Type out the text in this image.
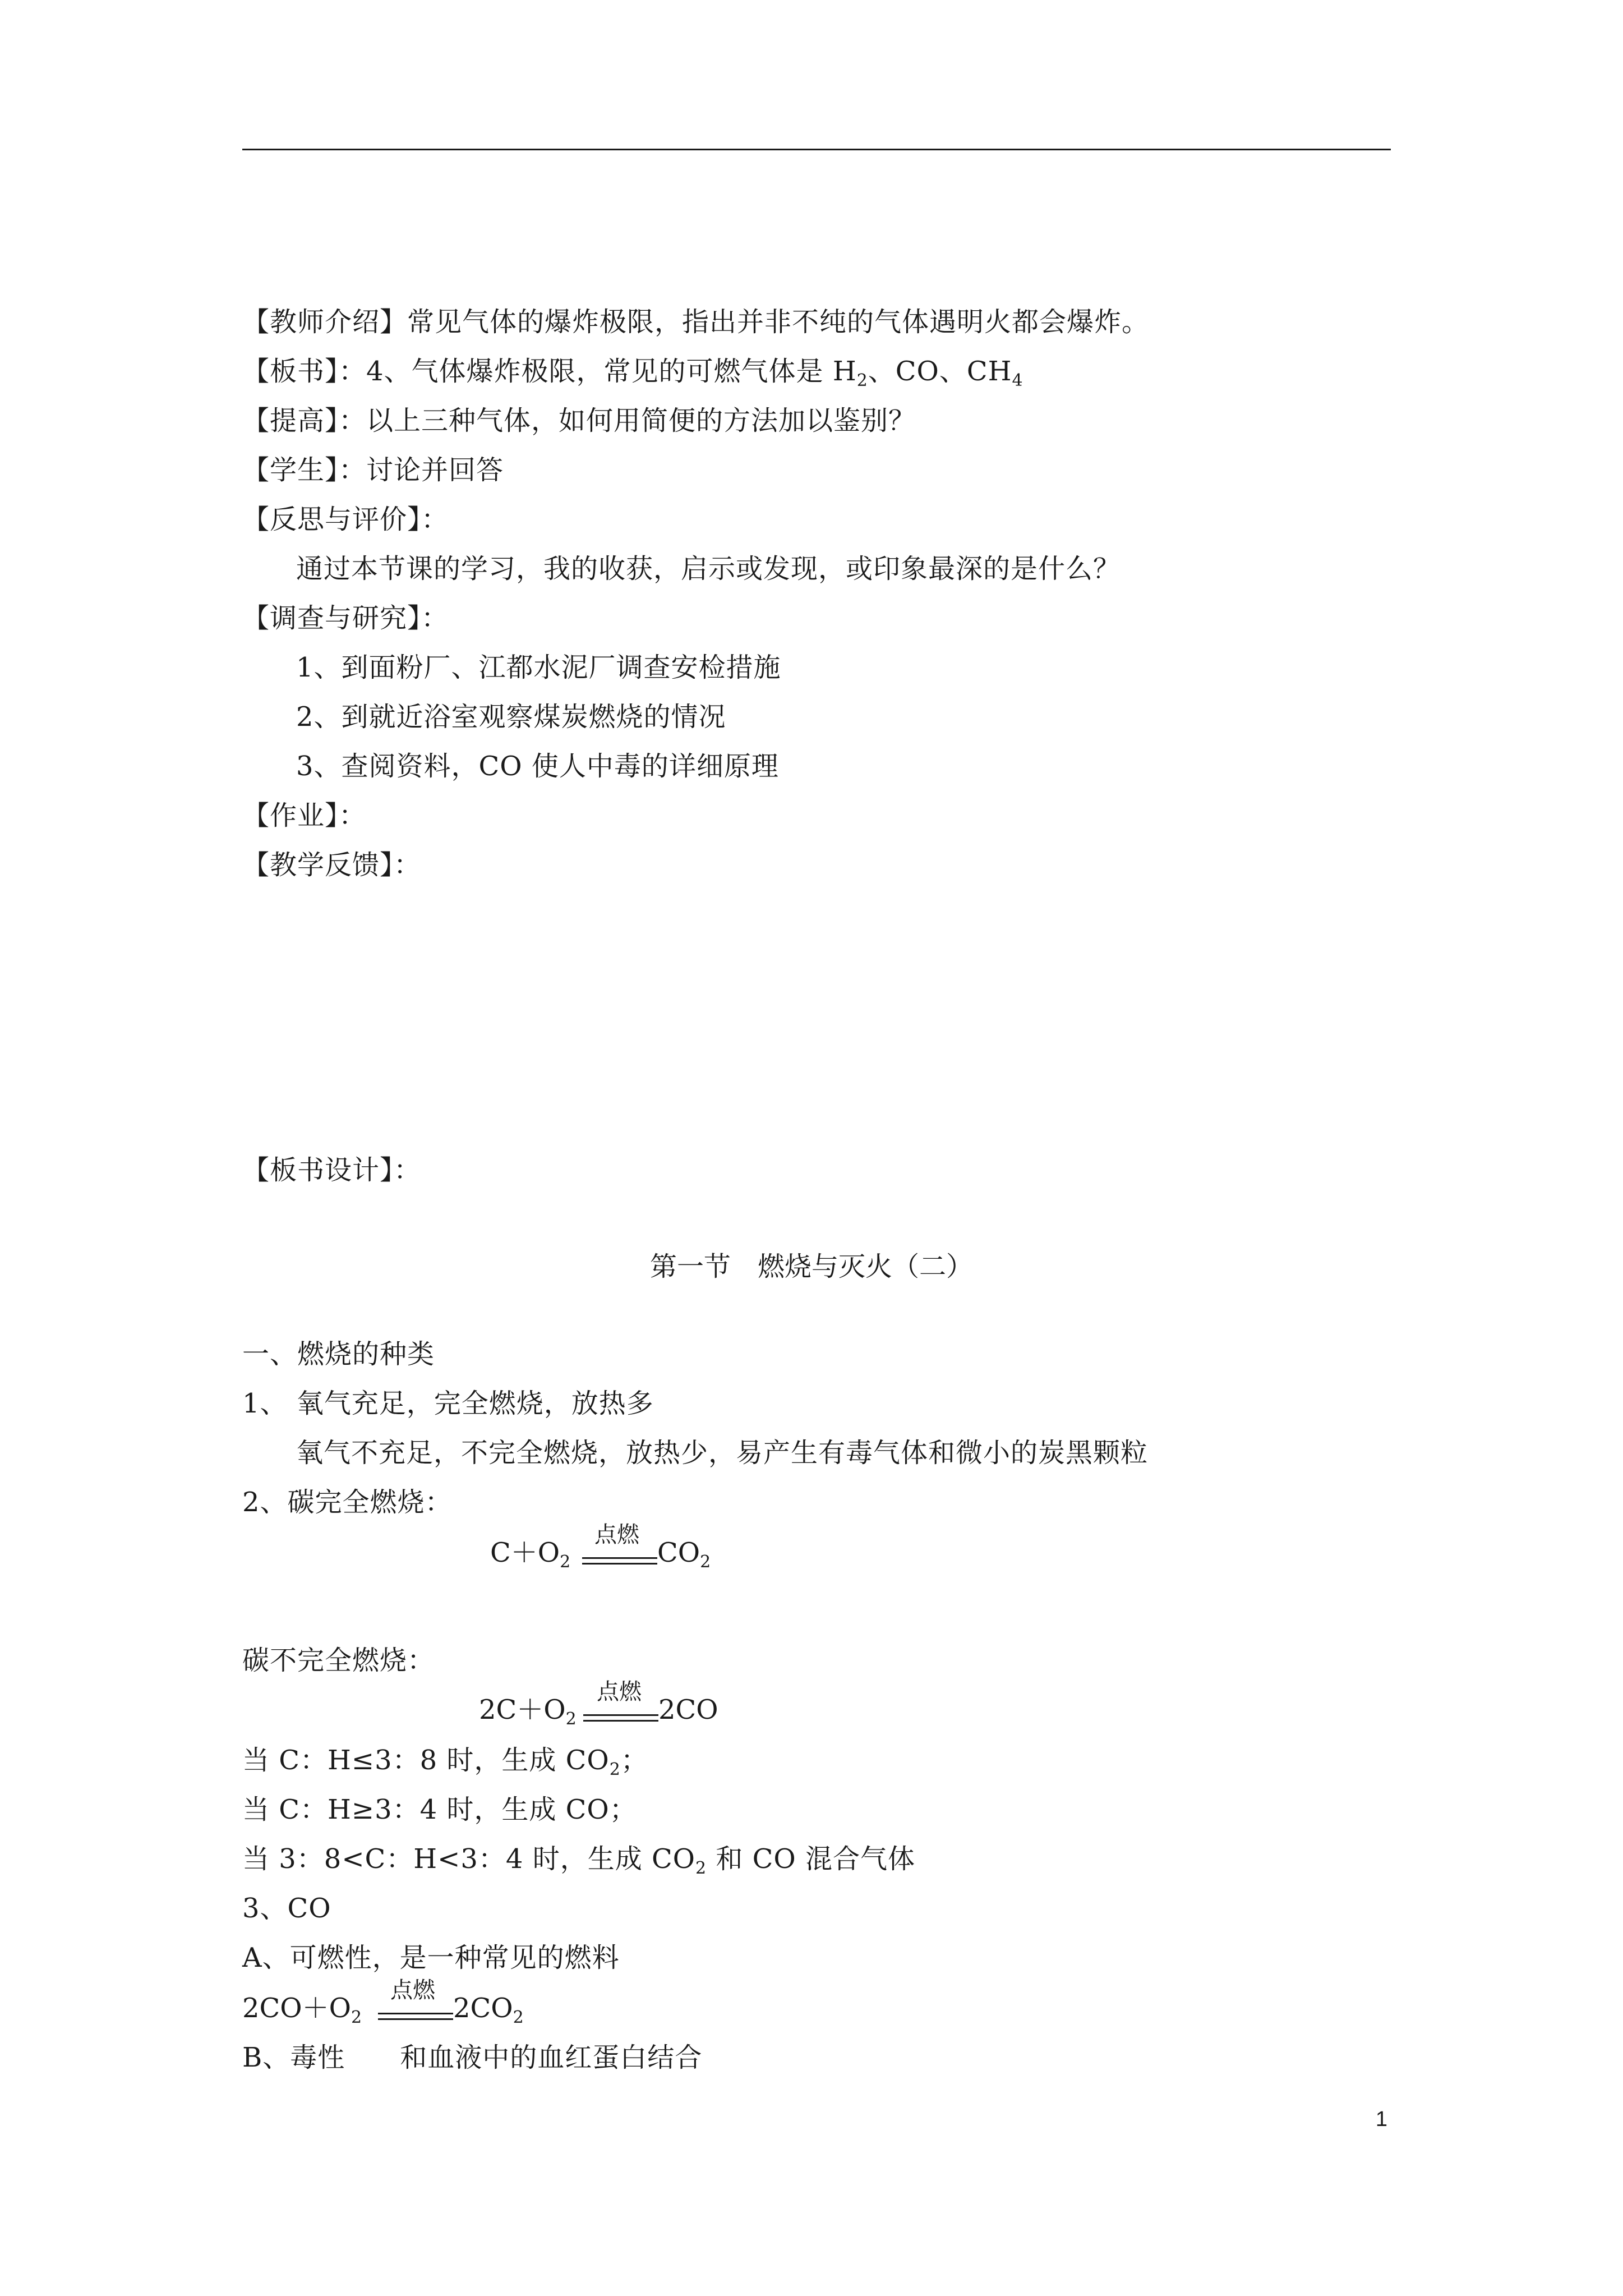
【教师介绍】常见气体的爆炸极限，指出并非不纯的气体遇明火都会爆炸。
【板书】：4、气体爆炸极限，常见的可燃气体是 $H_2$、CO、$CH_4$
【提高】：以上三种气体，如何用简便的方法加以鉴别？
【学生】：讨论并回答
【反思与评价】：
通过本节课的学习，我的收获，启示或发现，或印象最深的是什么？
【调查与研究】：
1、到面粉厂、江都水泥厂调查安检措施
2、到就近浴室观察煤炭燃烧的情况
3、查阅资料，CO 使人中毒的详细原理
【作业】：
【教学反馈】：
【板书设计】：
第一节　燃烧与灭火（二）
一、燃烧的种类
1、 氧气充足，完全燃烧，放热多
氧气不充足，不完全燃烧，放热少，易产生有毒气体和微小的炭黑颗粒
2、碳完全燃烧：
$C+O_2$
点燃
$CO_2$
碳不完全燃烧：
$2C+O_2$
点燃
2CO
当 C：H≤3：8 时，生成 $CO_2$；
当 C：H≥3：4 时，生成 CO；
当 3：8<C：H<3：4 时，生成 $CO_2$ 和 CO 混合气体
3、CO
A、可燃性，是一种常见的燃料
$2CO+O_2$
点燃
$2CO_2$
B、毒性　　和血液中的血红蛋白结合
1
